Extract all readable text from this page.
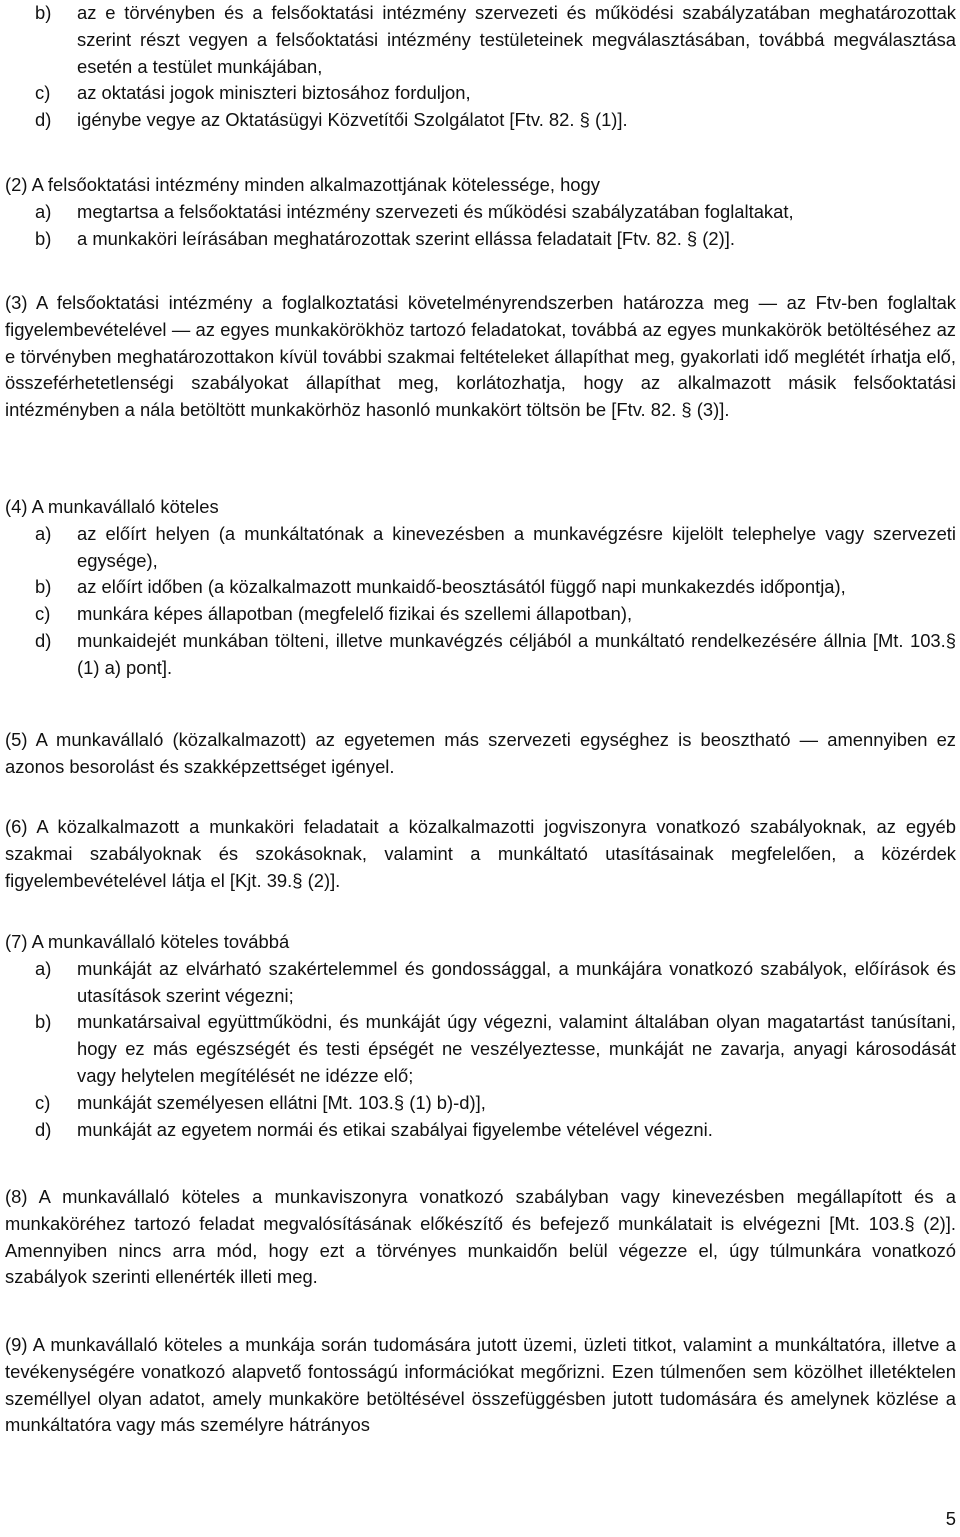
b) az e törvényben és a felsőoktatási intézmény szervezeti és működési szabályzatában meghatározottak szerint részt vegyen a felsőoktatási intézmény testületeinek megválasztásában, továbbá megválasztása esetén a testület munkájában,
c) az oktatási jogok miniszteri biztosához forduljon,
d) igénybe vegye az Oktatásügyi Közvetítői Szolgálatot [Ftv. 82. § (1)].

(2) A felsőoktatási intézmény minden alkalmazottjának kötelessége, hogy

a) megtartsa a felsőoktatási intézmény szervezeti és működési szabályzatában foglaltakat,
b) a munkaköri leírásában meghatározottak szerint ellássa feladatait [Ftv. 82. § (2)].

(3) A felsőoktatási intézmény a foglalkoztatási követelményrendszerben határozza meg ― az Ftv-ben foglaltak figyelembevételével ― az egyes munkakörökhöz tartozó feladatokat, továbbá az egyes munkakörök betöltéséhez az e törvényben meghatározottakon kívül további szakmai feltételeket állapíthat meg, gyakorlati idő meglétét írhatja elő, összeférhetetlenségi szabályokat állapíthat meg, korlátozhatja, hogy az alkalmazott másik felsőoktatási intézményben a nála betöltött munkakörhöz hasonló munkakört töltsön be [Ftv. 82. § (3)].

(4) A munkavállaló köteles

a) az előírt helyen (a munkáltatónak a kinevezésben a munkavégzésre kijelölt telephelye vagy szervezeti egysége),
b) az előírt időben (a közalkalmazott munkaidő-beosztásától függő napi munkakezdés időpontja),
c) munkára képes állapotban (megfelelő fizikai és szellemi állapotban),
d) munkaidejét munkában tölteni, illetve munkavégzés céljából a munkáltató rendelkezésére állnia [Mt. 103.§ (1) a) pont].

(5) A munkavállaló (közalkalmazott) az egyetemen más szervezeti egységhez is beosztható ― amennyiben ez azonos besorolást és szakképzettséget igényel.

(6) A közalkalmazott a munkaköri feladatait a közalkalmazotti jogviszonyra vonatkozó szabályoknak, az egyéb szakmai szabályoknak és szokásoknak, valamint a munkáltató utasításainak megfelelően, a közérdek figyelembevételével látja el [Kjt. 39.§ (2)].

(7) A munkavállaló köteles továbbá

a) munkáját az elvárható szakértelemmel és gondossággal, a munkájára vonatkozó szabályok, előírások és utasítások szerint végezni;
b) munkatársaival együttműködni, és munkáját úgy végezni, valamint általában olyan magatartást tanúsítani, hogy ez más egészségét és testi épségét ne veszélyeztesse, munkáját ne zavarja, anyagi károsodását vagy helytelen megítélését ne idézze elő;
c) munkáját személyesen ellátni [Mt. 103.§ (1) b)-d)],
d) munkáját az egyetem normái és etikai szabályai figyelembe vételével végezni.

(8) A munkavállaló köteles a munkaviszonyra vonatkozó szabályban vagy kinevezésben megállapított és a munkaköréhez tartozó feladat megvalósításának előkészítő és befejező munkálatait is elvégezni [Mt. 103.§ (2)]. Amennyiben nincs arra mód, hogy ezt a törvényes munkaidőn belül végezze el, úgy túlmunkára vonatkozó szabályok szerinti ellenérték illeti meg.

(9) A munkavállaló köteles a munkája során tudomására jutott üzemi, üzleti titkot, valamint a munkáltatóra, illetve a tevékenységére vonatkozó alapvető fontosságú információkat megőrizni. Ezen túlmenően sem közölhet illetéktelen személlyel olyan adatot, amely munkaköre betöltésével összefüggésben jutott tudomására és amelynek közlése a munkáltatóra vagy más személyre hátrányos

5
